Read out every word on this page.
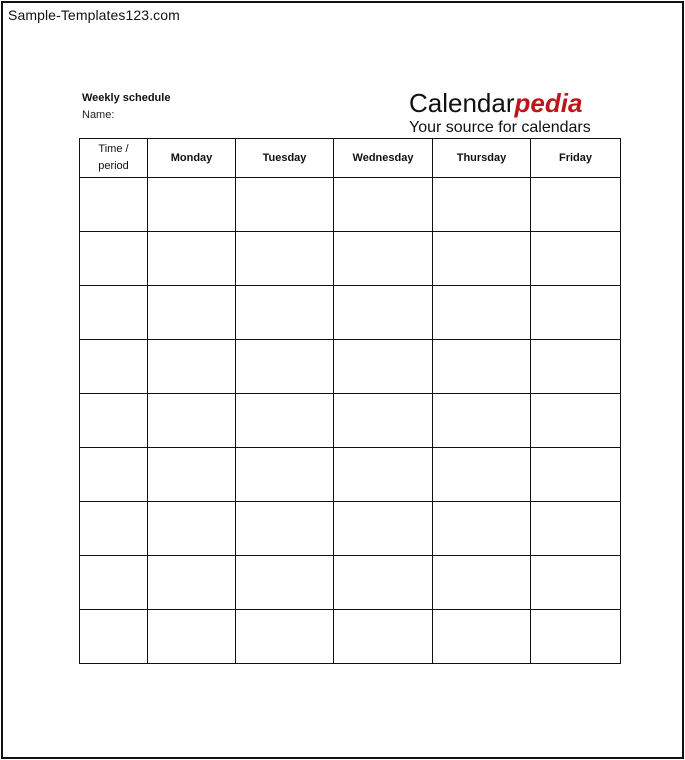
Sample-Templates123.com
Weekly schedule
Name:	Calendarpedia
Your source for calendars
Time /
period	Monday	Tuesday	Wednesday	Thursday	Friday
